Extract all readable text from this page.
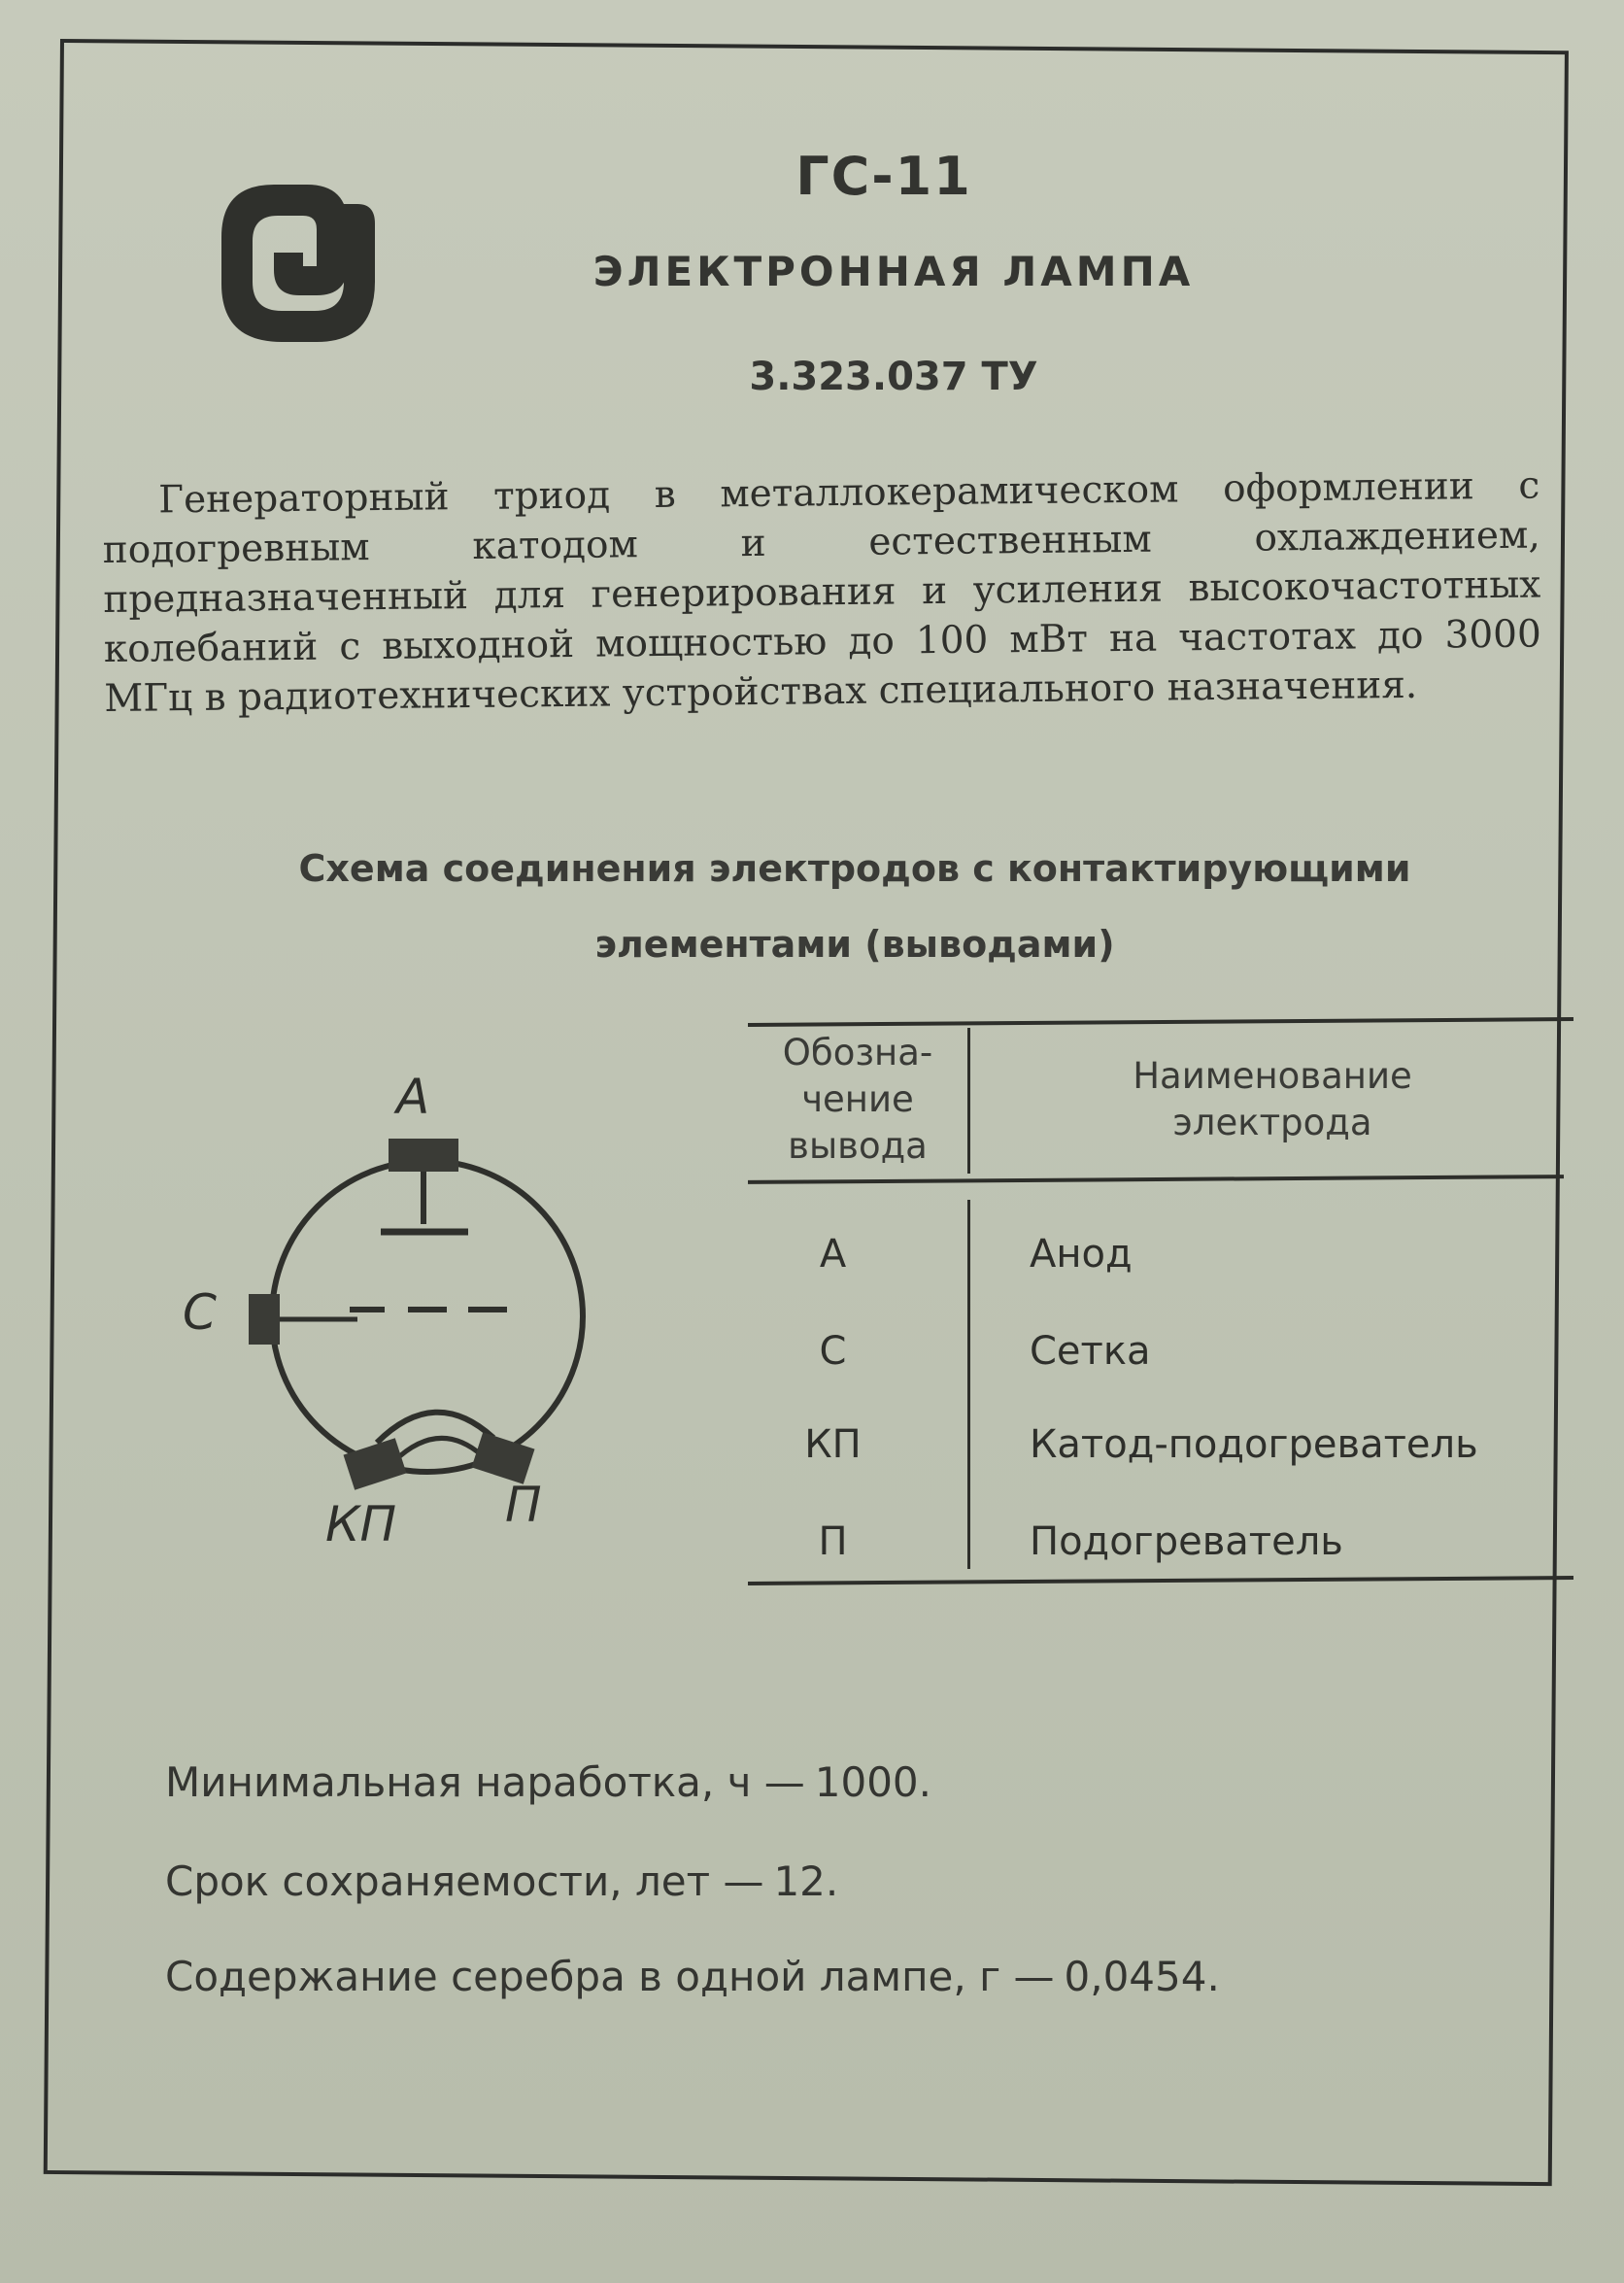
ГС-11
ЭЛЕКТРОННАЯ ЛАМПА
3.323.037 ТУ
Генераторный триод в металлокерамическом оформлении с подогревным катодом и естественным охлаждением, предназначенный для генерирования и усиления высокочастотных колебаний с выходной мощностью до 100 мВт на частотах до 3000 МГц в радиотехнических устройствах специального назначения.
Схема соединения электродов с контактирующими
элементами (выводами)
А
С
КП П
Обозна-
чение
вывода
Наименование
электрода
А	Анод
С	Сетка
КП	Катод-подогреватель
П	Подогреватель
Минимальная наработка, ч — 1000.
Срок сохраняемости, лет — 12.
Содержание серебра в одной лампе, г — 0,0454.
